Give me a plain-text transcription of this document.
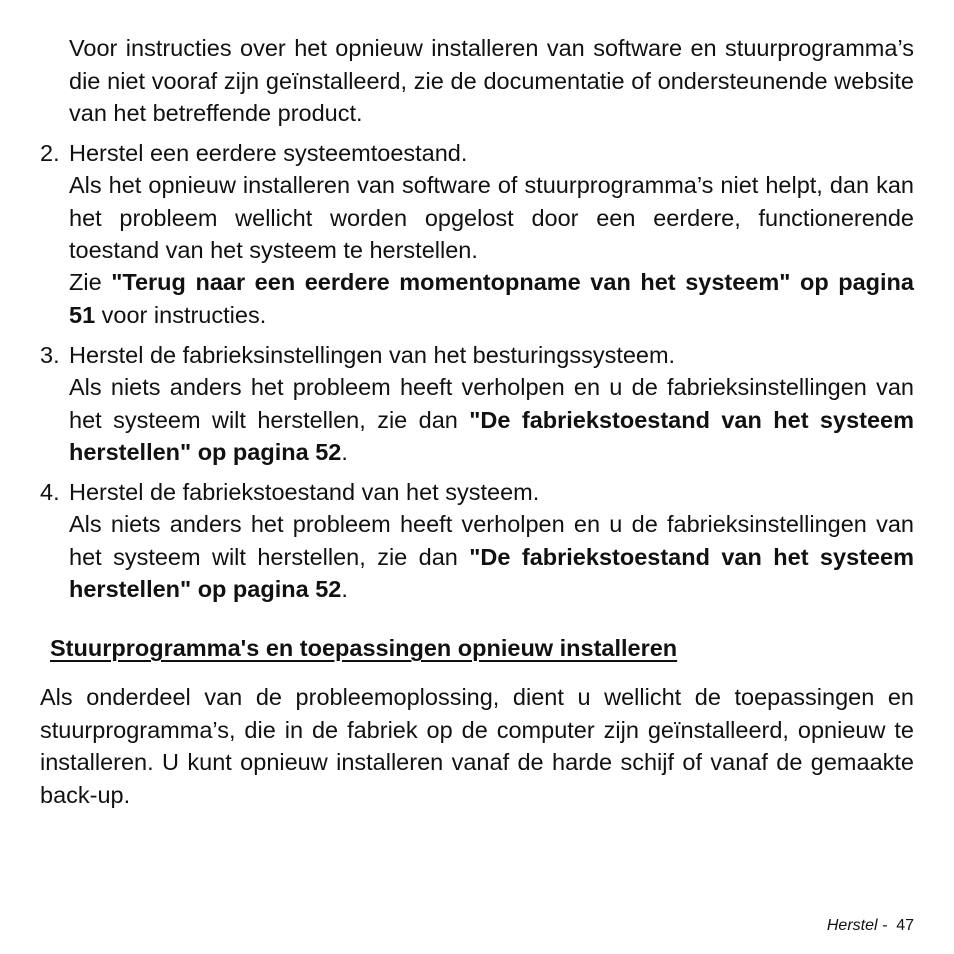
Voor instructies over het opnieuw installeren van software en stuurprogramma’s die niet vooraf zijn geïnstalleerd, zie de documentatie of ondersteunende website van het betreffende product.

2. Herstel een eerdere systeemtoestand.

Als het opnieuw installeren van software of stuurprogramma’s niet helpt, dan kan het probleem wellicht worden opgelost door een eerdere, functionerende toestand van het systeem te herstellen.

Zie "Terug naar een eerdere momentopname van het systeem" op pagina 51 voor instructies.

3. Herstel de fabrieksinstellingen van het besturingssysteem.

Als niets anders het probleem heeft verholpen en u de fabrieksinstellingen van het systeem wilt herstellen, zie dan "De fabriekstoestand van het systeem herstellen" op pagina 52.

4. Herstel de fabriekstoestand van het systeem.

Als niets anders het probleem heeft verholpen en u de fabrieksinstellingen van het systeem wilt herstellen, zie dan "De fabriekstoestand van het systeem herstellen" op pagina 52.

Stuurprogramma's en toepassingen opnieuw installeren

Als onderdeel van de probleemoplossing, dient u wellicht de toepassingen en stuurprogramma’s, die in de fabriek op de computer zijn geïnstalleerd, opnieuw te installeren. U kunt opnieuw installeren vanaf de harde schijf of vanaf de gemaakte back-up.

Herstel - 47
